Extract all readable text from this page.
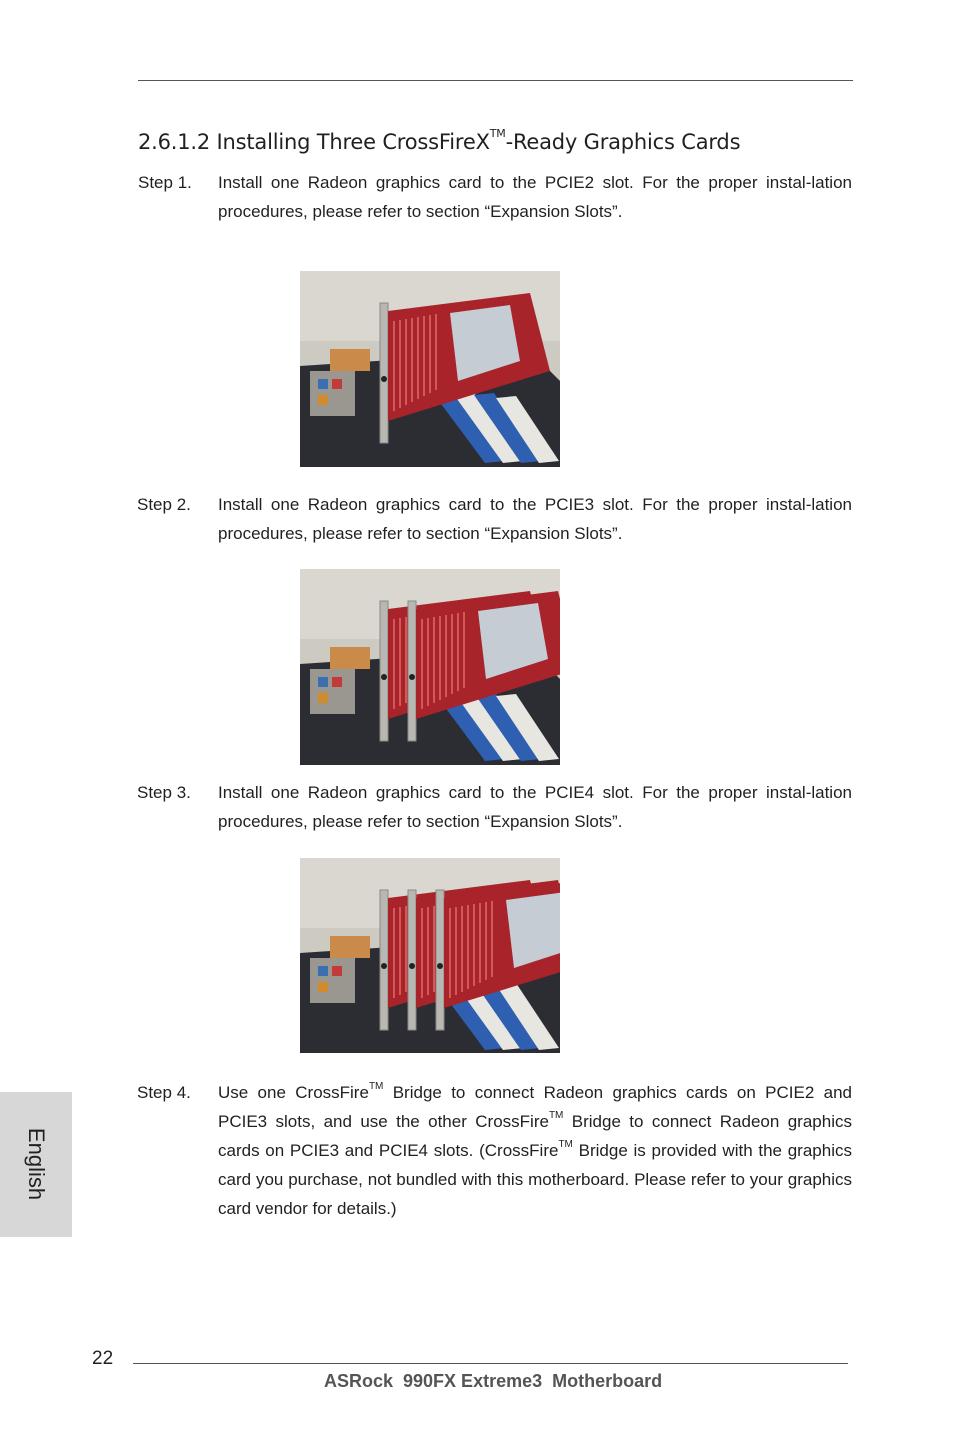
2.6.1.2 Installing Three CrossFireX™-Ready Graphics Cards
Step 1. Install one Radeon graphics card to the PCIE2 slot. For the proper instal-lation procedures, please refer to section “Expansion Slots”.
Step 2. Install one Radeon graphics card to the PCIE3 slot. For the proper instal-lation procedures, please refer to section “Expansion Slots”.
Step 3. Install one Radeon graphics card to the PCIE4 slot. For the proper instal-lation procedures, please refer to section “Expansion Slots”.
Step 4. Use one CrossFire™ Bridge to connect Radeon graphics cards on PCIE2 and PCIE3 slots, and use the other CrossFire™ Bridge to connect Radeon graphics cards on PCIE3 and PCIE4 slots. (CrossFire™ Bridge is provided with the graphics card you purchase, not bundled with this motherboard. Please refer to your graphics card vendor for details.)
English
22
ASRock  990FX Extreme3  Motherboard
